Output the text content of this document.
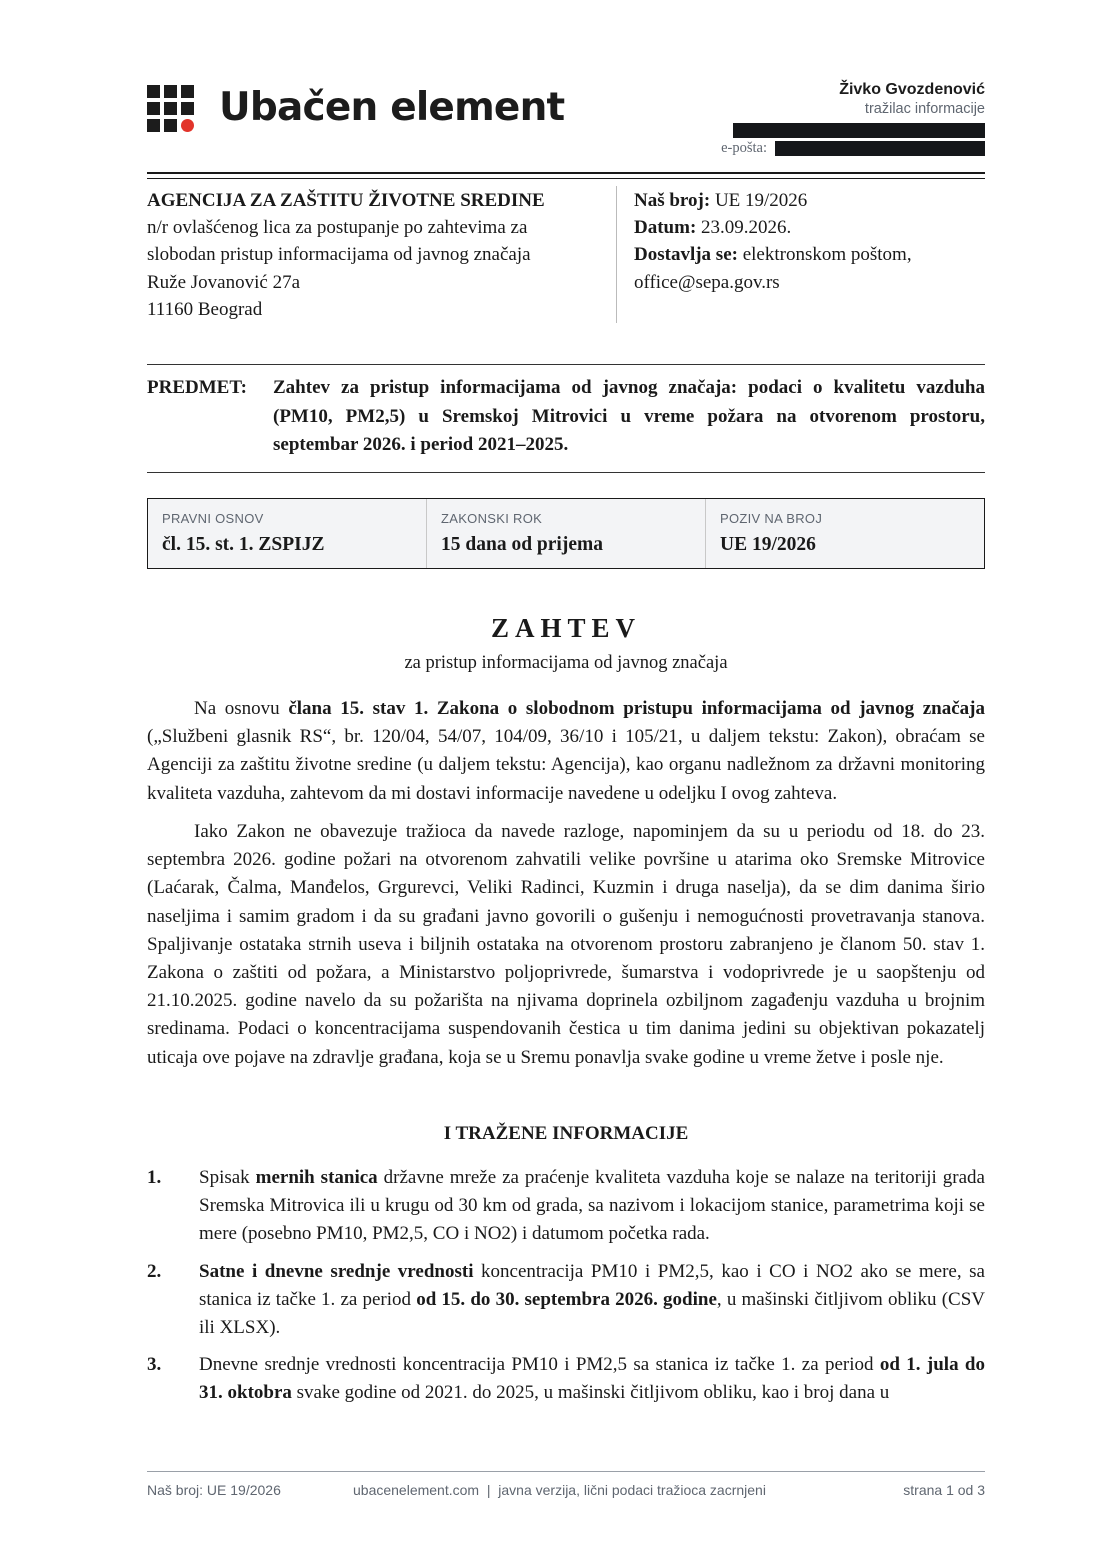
Ubačen element	Živko Gvozdenović
tražilac informacije
e-pošta:
AGENCIJA ZA ZAŠTITU ŽIVOTNE SREDINE
n/r ovlašćenog lica za postupanje po zahtevima za
slobodan pristup informacijama od javnog značaja
Ruže Jovanović 27a
11160 Beograd
Naš broj: UE 19/2026
Datum: 23.09.2026.
Dostavlja se: elektronskom poštom,
office@sepa.gov.rs
PREDMET: Zahtev za pristup informacijama od javnog značaja: podaci o kvalitetu vazduha (PM10, PM2,5) u Sremskoj Mitrovici u vreme požara na otvorenom prostoru, septembar 2026. i period 2021–2025.
PRAVNI OSNOV
čl. 15. st. 1. ZSPIJZ
ZAKONSKI ROK
15 dana od prijema
POZIV NA BROJ
UE 19/2026
ZAHTEV
za pristup informacijama od javnog značaja
Na osnovu člana 15. stav 1. Zakona o slobodnom pristupu informacijama od javnog značaja („Službeni glasnik RS“, br. 120/04, 54/07, 104/09, 36/10 i 105/21, u daljem tekstu: Zakon), obraćam se Agenciji za zaštitu životne sredine (u daljem tekstu: Agencija), kao organu nadležnom za državni monitoring kvaliteta vazduha, zahtevom da mi dostavi informacije navedene u odeljku I ovog zahteva.
Iako Zakon ne obavezuje tražioca da navede razloge, napominjem da su u periodu od 18. do 23. septembra 2026. godine požari na otvorenom zahvatili velike površine u atarima oko Sremske Mitrovice (Laćarak, Čalma, Manđelos, Grgurevci, Veliki Radinci, Kuzmin i druga naselja), da se dim danima širio naseljima i samim gradom i da su građani javno govorili o gušenju i nemogućnosti provetravanja stanova. Spaljivanje ostataka strnih useva i biljnih ostataka na otvorenom prostoru zabranjeno je članom 50. stav 1. Zakona o zaštiti od požara, a Ministarstvo poljoprivrede, šumarstva i vodoprivrede je u saopštenju od 21.10.2025. godine navelo da su požarišta na njivama doprinela ozbiljnom zagađenju vazduha u brojnim sredinama. Podaci o koncentracijama suspendovanih čestica u tim danima jedini su objektivan pokazatelj uticaja ove pojave na zdravlje građana, koja se u Sremu ponavlja svake godine u vreme žetve i posle nje.
I TRAŽENE INFORMACIJE
1. Spisak mernih stanica državne mreže za praćenje kvaliteta vazduha koje se nalaze na teritoriji grada Sremska Mitrovica ili u krugu od 30 km od grada, sa nazivom i lokacijom stanice, parametrima koji se mere (posebno PM10, PM2,5, CO i NO2) i datumom početka rada.
2. Satne i dnevne srednje vrednosti koncentracija PM10 i PM2,5, kao i CO i NO2 ako se mere, sa stanica iz tačke 1. za period od 15. do 30. septembra 2026. godine, u mašinski čitljivom obliku (CSV ili XLSX).
3. Dnevne srednje vrednosti koncentracija PM10 i PM2,5 sa stanica iz tačke 1. za period od 1. jula do 31. oktobra svake godine od 2021. do 2025, u mašinski čitljivom obliku, kao i broj dana u
Naš broj: UE 19/2026	ubacenelement.com  |  javna verzija, lični podaci tražioca zacrnjeni	strana 1 od 3
